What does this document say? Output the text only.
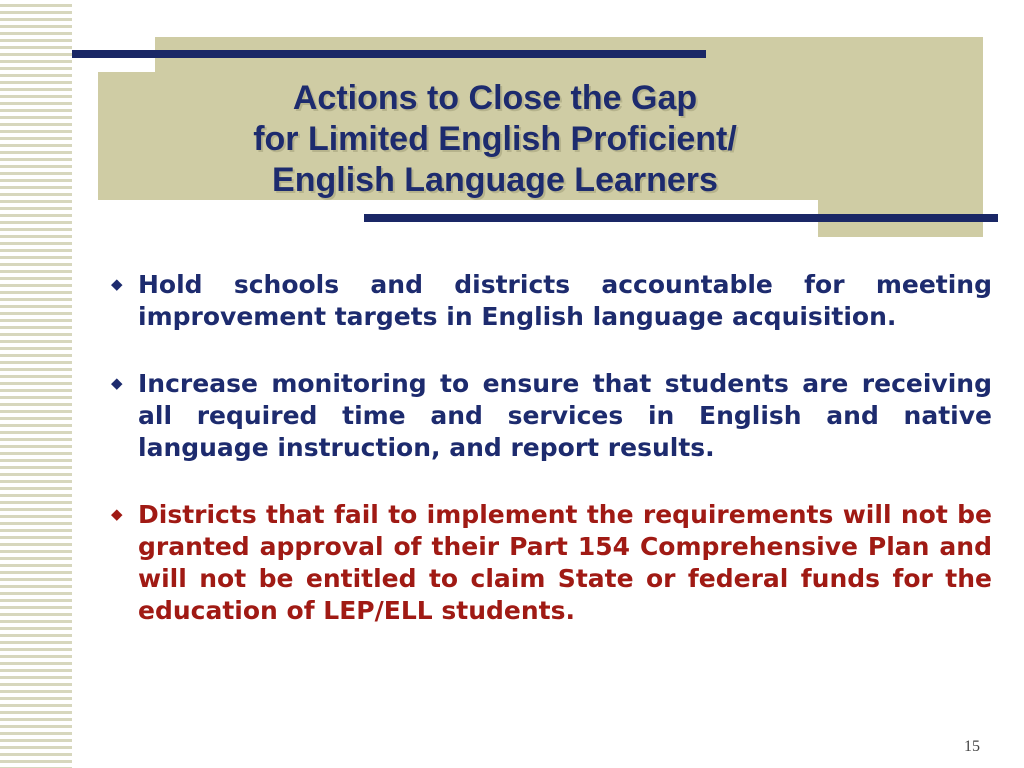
Actions to Close the Gap
for Limited English Proficient/
English Language Learners
◆ Hold schools and districts accountable for meeting improvement targets in English language acquisition.
◆ Increase monitoring to ensure that students are receiving all required time and services in English and native language instruction, and report results.
◆ Districts that fail to implement the requirements will not be granted approval of their Part 154 Comprehensive Plan and will not be entitled to claim State or federal funds for the education of LEP/ELL students.
15
